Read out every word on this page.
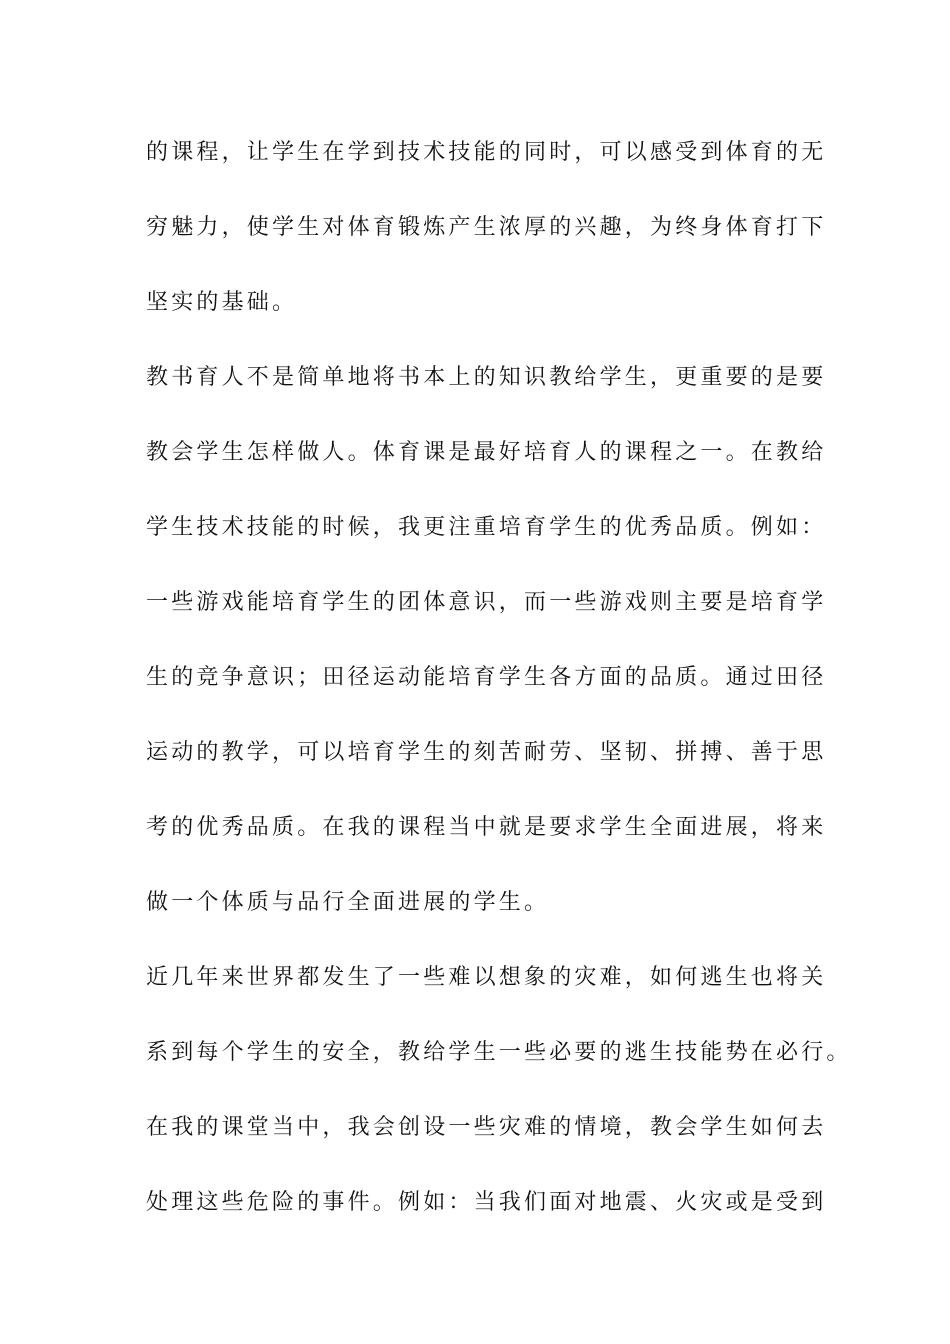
的课程，让学生在学到技术技能的同时，可以感受到体育的无
穷魅力，使学生对体育锻炼产生浓厚的兴趣，为终身体育打下
坚实的基础。
教书育人不是简单地将书本上的知识教给学生，更重要的是要
教会学生怎样做人。体育课是最好培育人的课程之一。在教给
学生技术技能的时候，我更注重培育学生的优秀品质。例如：
一些游戏能培育学生的团体意识，而一些游戏则主要是培育学
生的竞争意识；田径运动能培育学生各方面的品质。通过田径
运动的教学，可以培育学生的刻苦耐劳、坚韧、拼搏、善于思
考的优秀品质。在我的课程当中就是要求学生全面进展，将来
做一个体质与品行全面进展的学生。
近几年来世界都发生了一些难以想象的灾难，如何逃生也将关
系到每个学生的安全，教给学生一些必要的逃生技能势在必行。
在我的课堂当中，我会创设一些灾难的情境，教会学生如何去
处理这些危险的事件。例如：当我们面对地震、火灾或是受到
